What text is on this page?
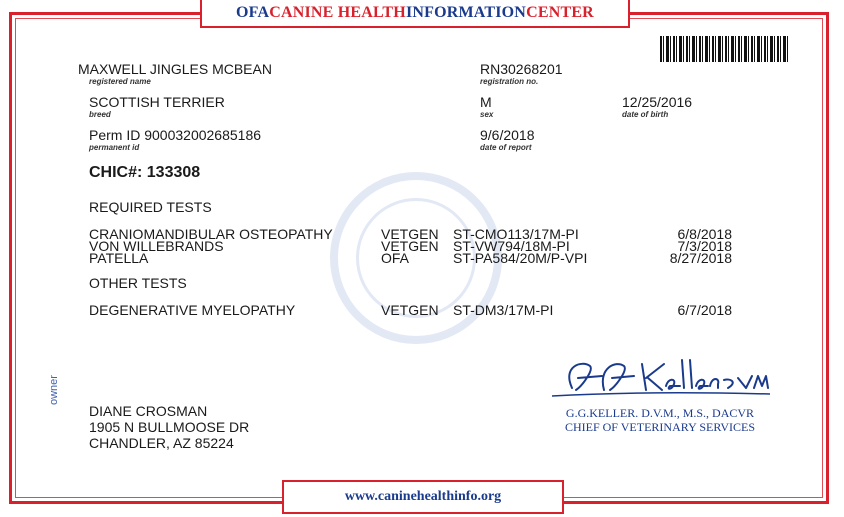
OFA CANINE HEALTH INFORMATION CENTER
MAXWELL JINGLES MCBEAN
registered name
RN30268201
registration no.
SCOTTISH TERRIER
breed
M
sex
12/25/2016
date of birth
Perm ID 900032002685186
permanent id
9/6/2018
date of report
CHIC#: 133308
REQUIRED TESTS
CRANIOMANDIBULAR OSTEOPATHY	VETGEN ST-CMO113/17M-PI	6/8/2018
VON WILLEBRANDS	VETGEN ST-VW794/18M-PI	7/3/2018
PATELLA	OFA	ST-PA584/20M/P-VPI	8/27/2018
OTHER TESTS
DEGENERATIVE MYELOPATHY	VETGEN ST-DM3/17M-PI	6/7/2018
owner
DIANE CROSMAN
1905 N BULLMOOSE DR
CHANDLER, AZ 85224
G.G.KELLER. D.V.M., M.S., DACVR
CHIEF OF VETERINARY SERVICES
www.caninehealthinfo.org
